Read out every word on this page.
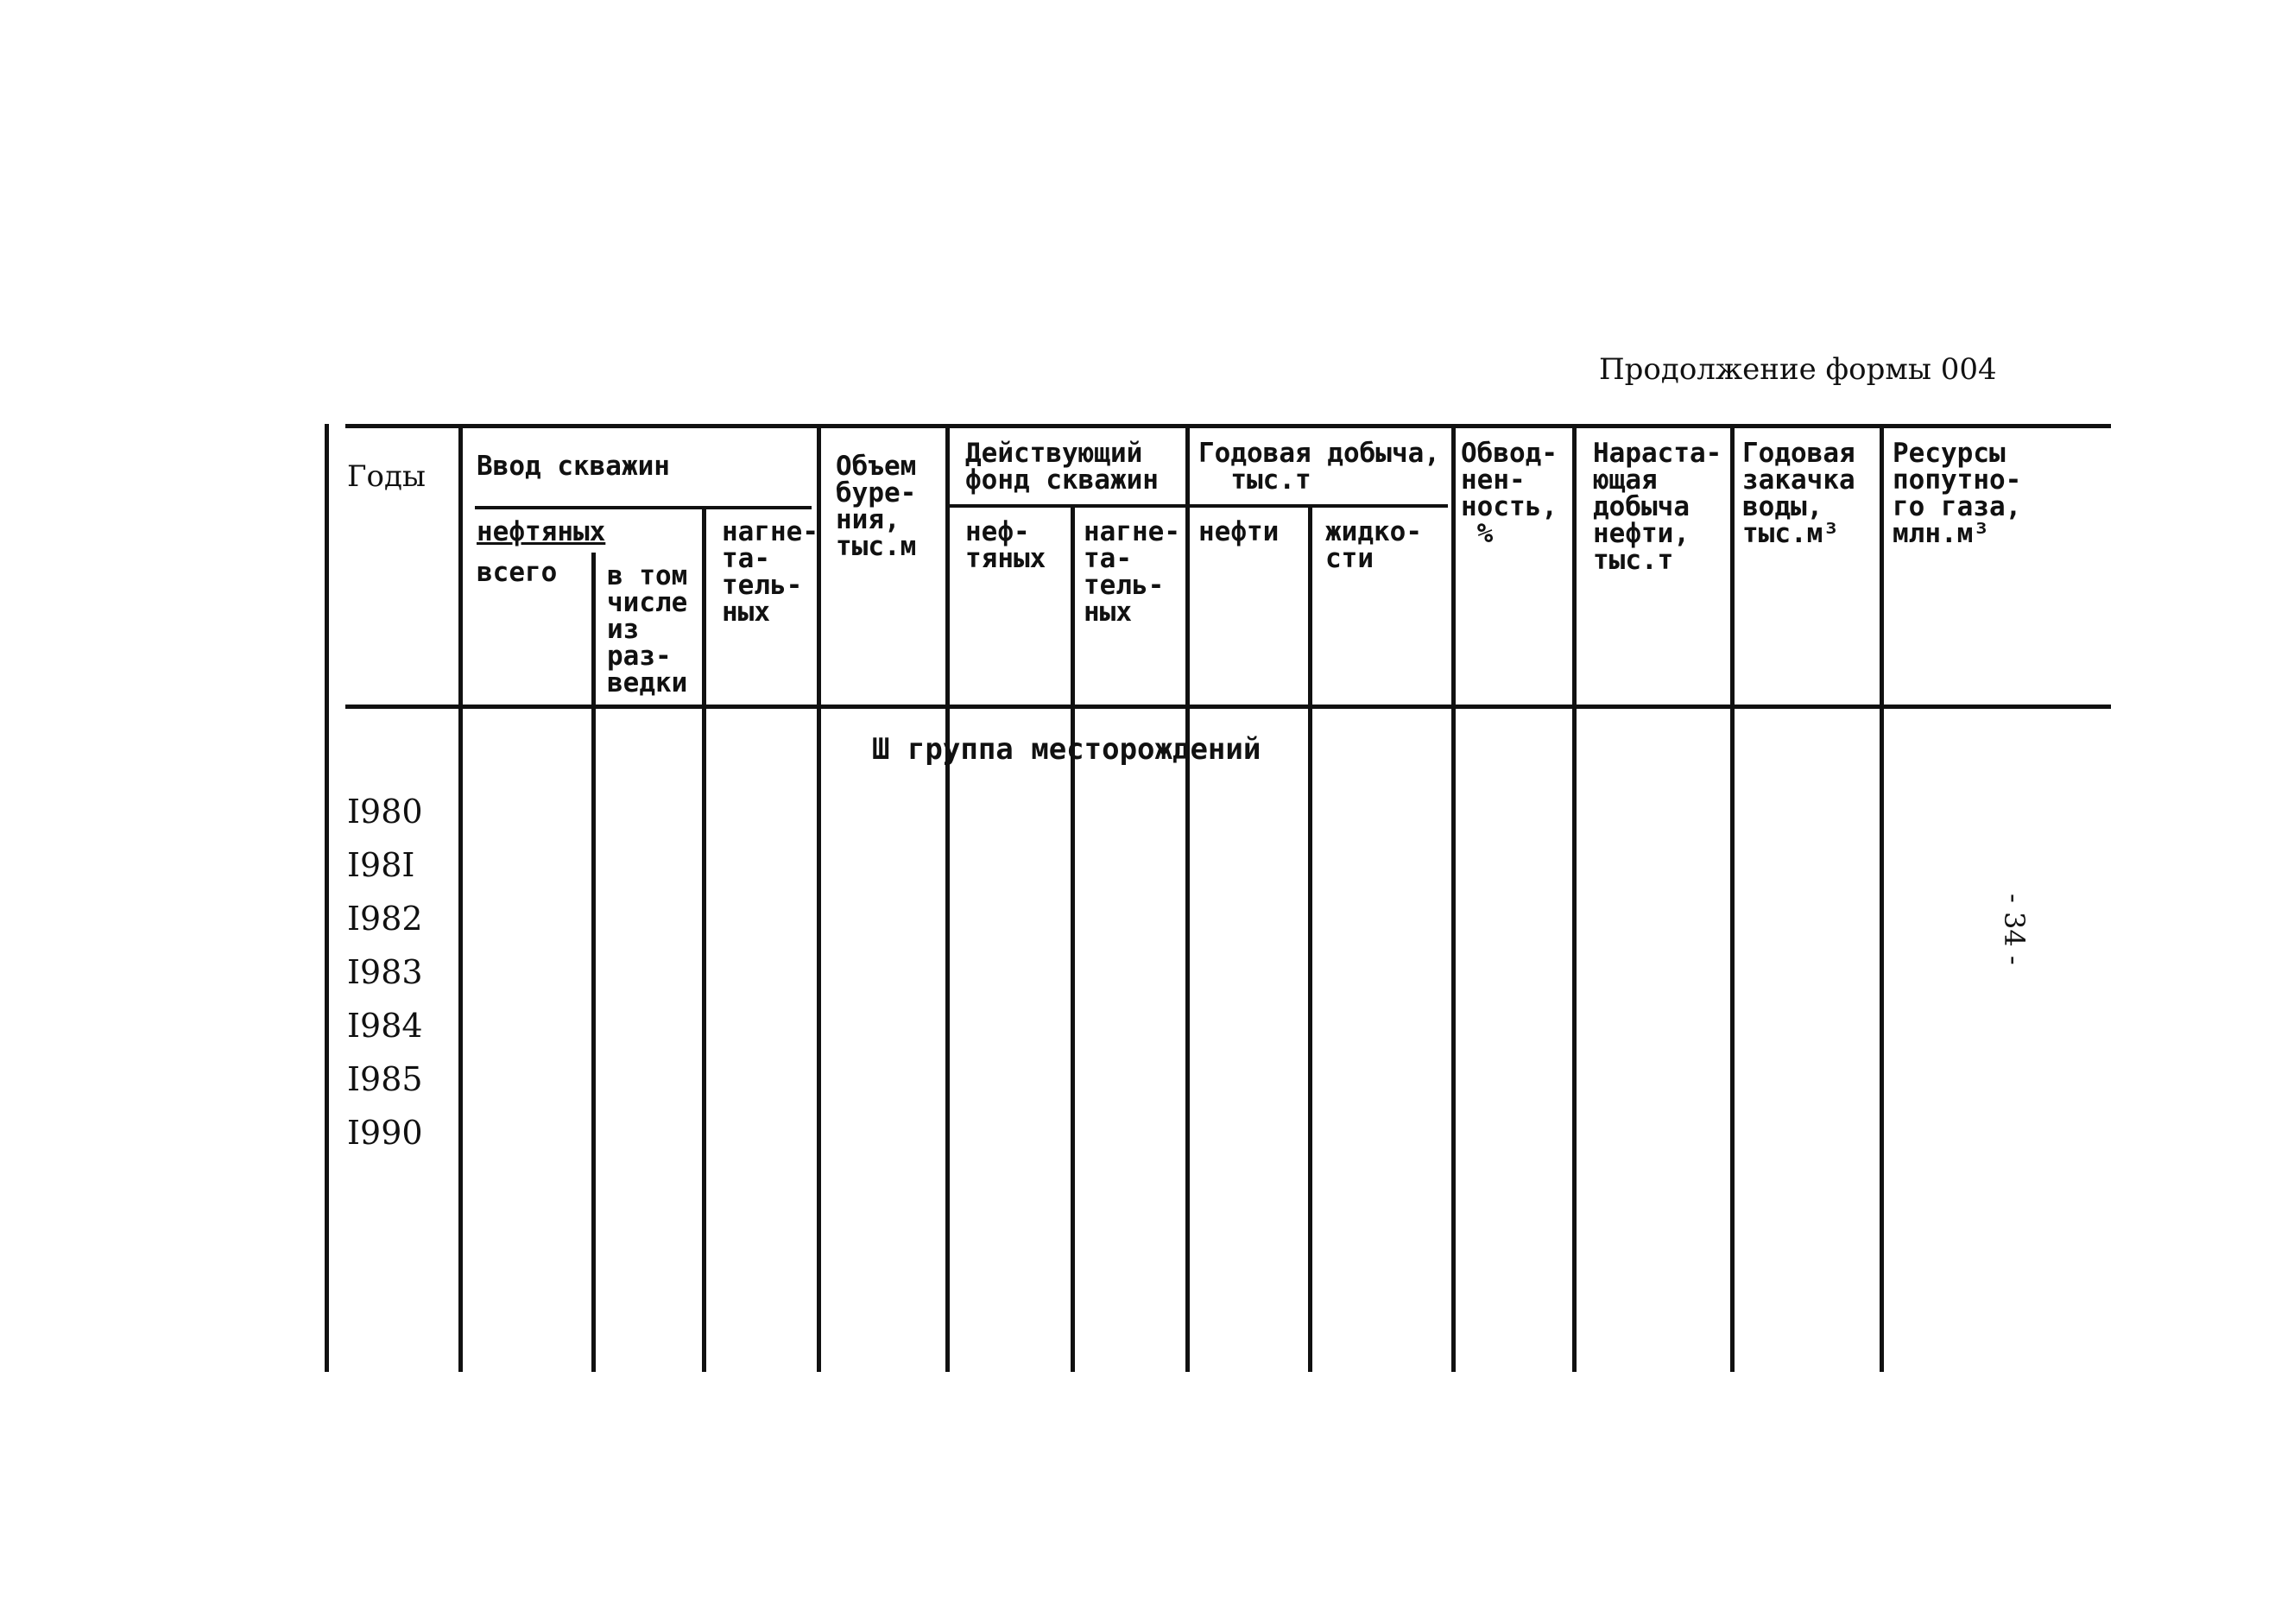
Продолжение формы 004
Годы Ввод скважин
нефтяных
всего в том
числе
из
раз-
ведки
нагне-
та-
тель-
ных
Объем
буре-
ния,
тыс.м
Действующий
фонд скважин
неф-
тяных
нагне-
та-
тель-
ных
Годовая добыча,
тыс.т
нефти жидко-
сти
Обвод-
нен-
ность,
%
Нараста-
ющая
добыча
нефти,
тыс.т
Годовая
закачка
воды,
тыс.м³
Ресурсы
попутно-
го газа,
млн.м³
Ш группа месторождений
I980
I98I
I982
I983
I984
I985
I990
- 34 -
